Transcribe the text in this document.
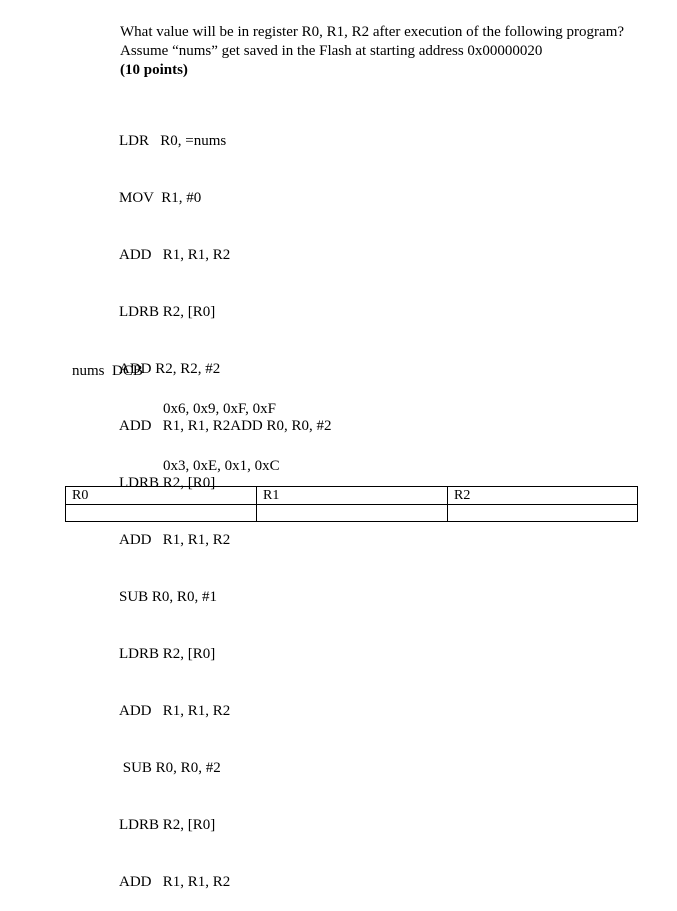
What value will be in register R0, R1, R2 after execution of the following program? Assume “nums” get saved in the Flash at starting address 0x00000020
(10 points)

LDR   R0, =nums

MOV  R1, #0

ADD   R1, R1, R2

LDRB R2, [R0]

ADD R2, R2, #2

ADD   R1, R1, R2ADD R0, R0, #2

LDRB R2, [R0]

ADD   R1, R1, R2

SUB R0, R0, #1

LDRB R2, [R0]

ADD   R1, R1, R2

SUB R0, R0, #2

LDRB R2, [R0]

ADD   R1, R1, R2

nums  DCB

0x6, 0x9, 0xF, 0xF

0x3, 0xE, 0x1, 0xC

R0	R1	R2
